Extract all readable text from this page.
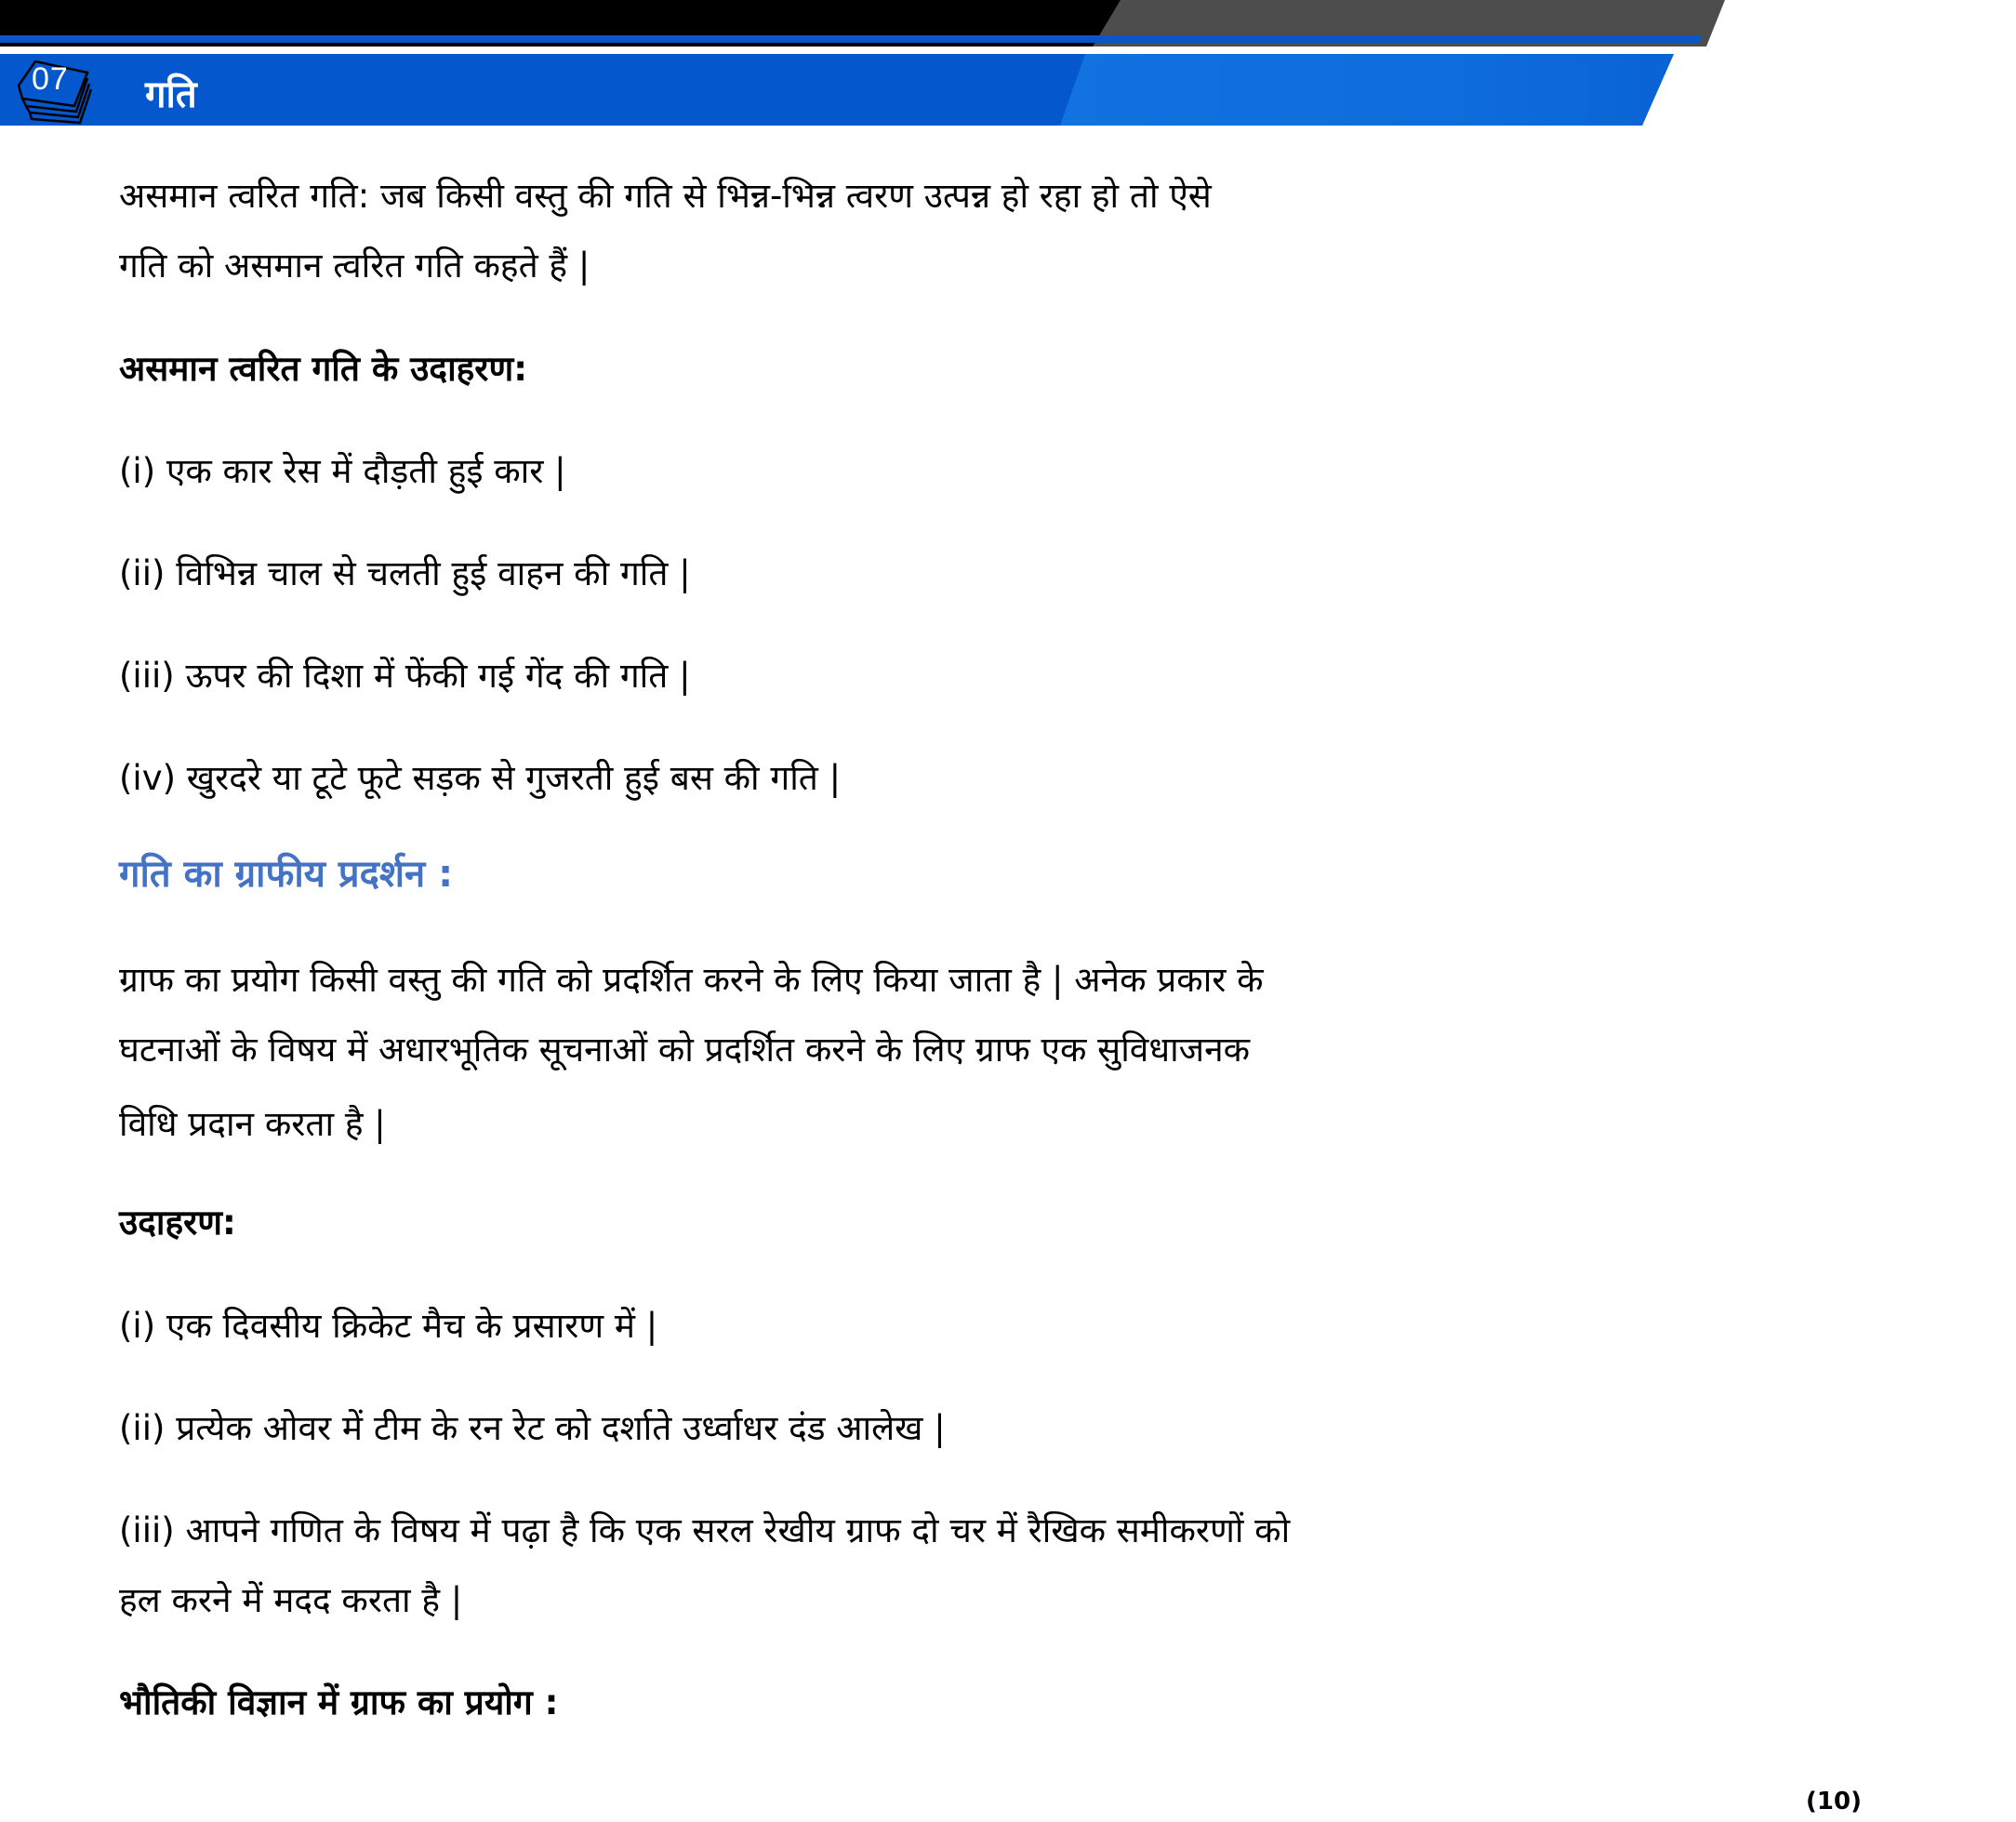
07 गति
असमान त्वरित गति: जब किसी वस्तु की गति से भिन्न-भिन्न त्वरण उत्पन्न हो रहा हो तो ऐसे
गति को असमान त्वरित गति कहते हैं |
असमान त्वरित गति के उदाहरण:
(i) एक कार रेस में दौड़ती हुई कार |
(ii) विभिन्न चाल से चलती हुई वाहन की गति |
(iii) ऊपर की दिशा में फेंकी गई गेंद की गति |
(iv) खुरदरे या टूटे फूटे सड़क से गुजरती हुई बस की गति |
गति का ग्राफीय प्रदर्शन :
ग्राफ का प्रयोग किसी वस्तु की गति को प्रदर्शित करने के लिए किया जाता है | अनेक प्रकार के
घटनाओं के विषय में अधारभूतिक सूचनाओं को प्रदर्शित करने के लिए ग्राफ एक सुविधाजनक
विधि प्रदान करता है |
उदाहरण:
(i) एक दिवसीय क्रिकेट मैच के प्रसारण में |
(ii) प्रत्येक ओवर में टीम के रन रेट को दर्शाते उर्ध्वाधर दंड आलेख |
(iii) आपने गणित के विषय में पढ़ा है कि एक सरल रेखीय ग्राफ दो चर में रैखिक समीकरणों को
हल करने में मदद करता है |
भौतिकी विज्ञान में ग्राफ का प्रयोग :
(10)
